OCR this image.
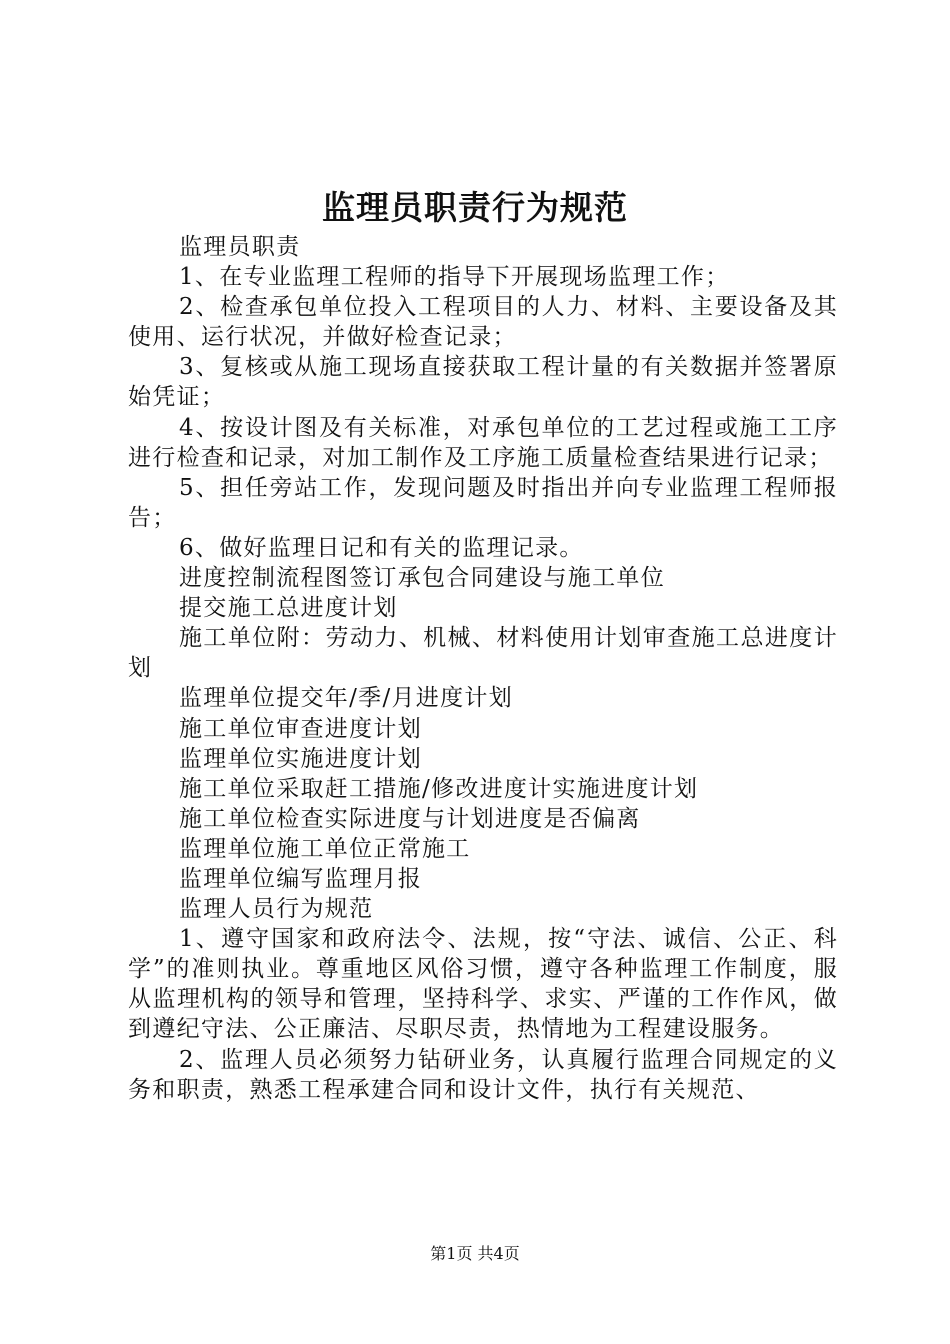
监理员职责行为规范

监理员职责

1、在专业监理工程师的指导下开展现场监理工作；

2、检查承包单位投入工程项目的人力、材料、主要设备及其使用、运行状况，并做好检查记录；

3、复核或从施工现场直接获取工程计量的有关数据并签署原始凭证；

4、按设计图及有关标准，对承包单位的工艺过程或施工工序进行检查和记录，对加工制作及工序施工质量检查结果进行记录；

5、担任旁站工作，发现问题及时指出并向专业监理工程师报告；

6、做好监理日记和有关的监理记录。

进度控制流程图签订承包合同建设与施工单位

提交施工总进度计划

施工单位附：劳动力、机械、材料使用计划审查施工总进度计划

监理单位提交年/季/月进度计划

施工单位审查进度计划

监理单位实施进度计划

施工单位采取赶工措施/修改进度计实施进度计划

施工单位检查实际进度与计划进度是否偏离

监理单位施工单位正常施工

监理单位编写监理月报

监理人员行为规范

1、遵守国家和政府法令、法规，按“守法、诚信、公正、科学”的准则执业。尊重地区风俗习惯，遵守各种监理工作制度，服从监理机构的领导和管理，坚持科学、求实、严谨的工作作风，做到遵纪守法、公正廉洁、尽职尽责，热情地为工程建设服务。

2、监理人员必须努力钻研业务，认真履行监理合同规定的义务和职责，熟悉工程承建合同和设计文件，执行有关规范、

第1页 共4页
